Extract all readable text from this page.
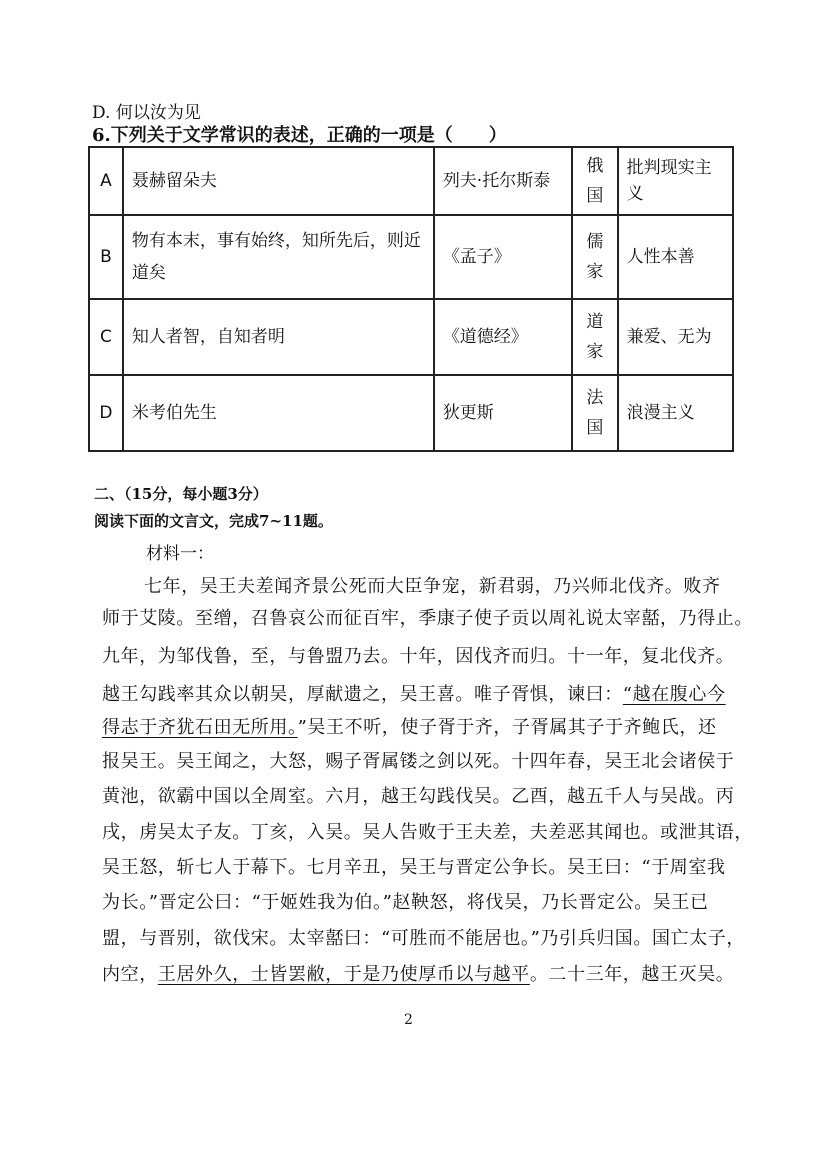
D. 何以汝为见
6.下列关于文学常识的表述，正确的一项是（　　）
A	聂赫留朵夫	列夫·托尔斯泰	俄国	批判现实主义
B	物有本末，事有始终，知所先后，则近道矣	《孟子》	儒家	人性本善
C	知人者智，自知者明	《道德经》	道家	兼爱、无为
D	米考伯先生	狄更斯	法国	浪漫主义
二、（15分，每小题3分）
阅读下面的文言文，完成7~11题。
材料一：
七年，吴王夫差闻齐景公死而大臣争宠，新君弱，乃兴师北伐齐。败齐
师于艾陵。至缯，召鲁哀公而征百牢，季康子使子贡以周礼说太宰嚭，乃得止。
九年，为邹伐鲁，至，与鲁盟乃去。十年，因伐齐而归。十一年，复北伐齐。
越王勾践率其众以朝吴，厚献遗之，吴王喜。唯子胥惧，谏曰：“越在腹心今
得志于齐犹石田无所用。”吴王不听，使子胥于齐，子胥属其子于齐鲍氏，还
报吴王。吴王闻之，大怒，赐子胥属镂之剑以死。十四年春，吴王北会诸侯于
黄池，欲霸中国以全周室。六月，越王勾践伐吴。乙酉，越五千人与吴战。丙
戌，虏吴太子友。丁亥，入吴。吴人告败于王夫差，夫差恶其闻也。或泄其语，
吴王怒，斩七人于幕下。七月辛丑，吴王与晋定公争长。吴王曰：“于周室我
为长。”晋定公曰：“于姬姓我为伯。”赵鞅怒，将伐吴，乃长晋定公。吴王已
盟，与晋别，欲伐宋。太宰嚭曰：“可胜而不能居也。”乃引兵归国。国亡太子，
内空，王居外久，士皆罢敝，于是乃使厚币以与越平。二十三年，越王灭吴。
2
